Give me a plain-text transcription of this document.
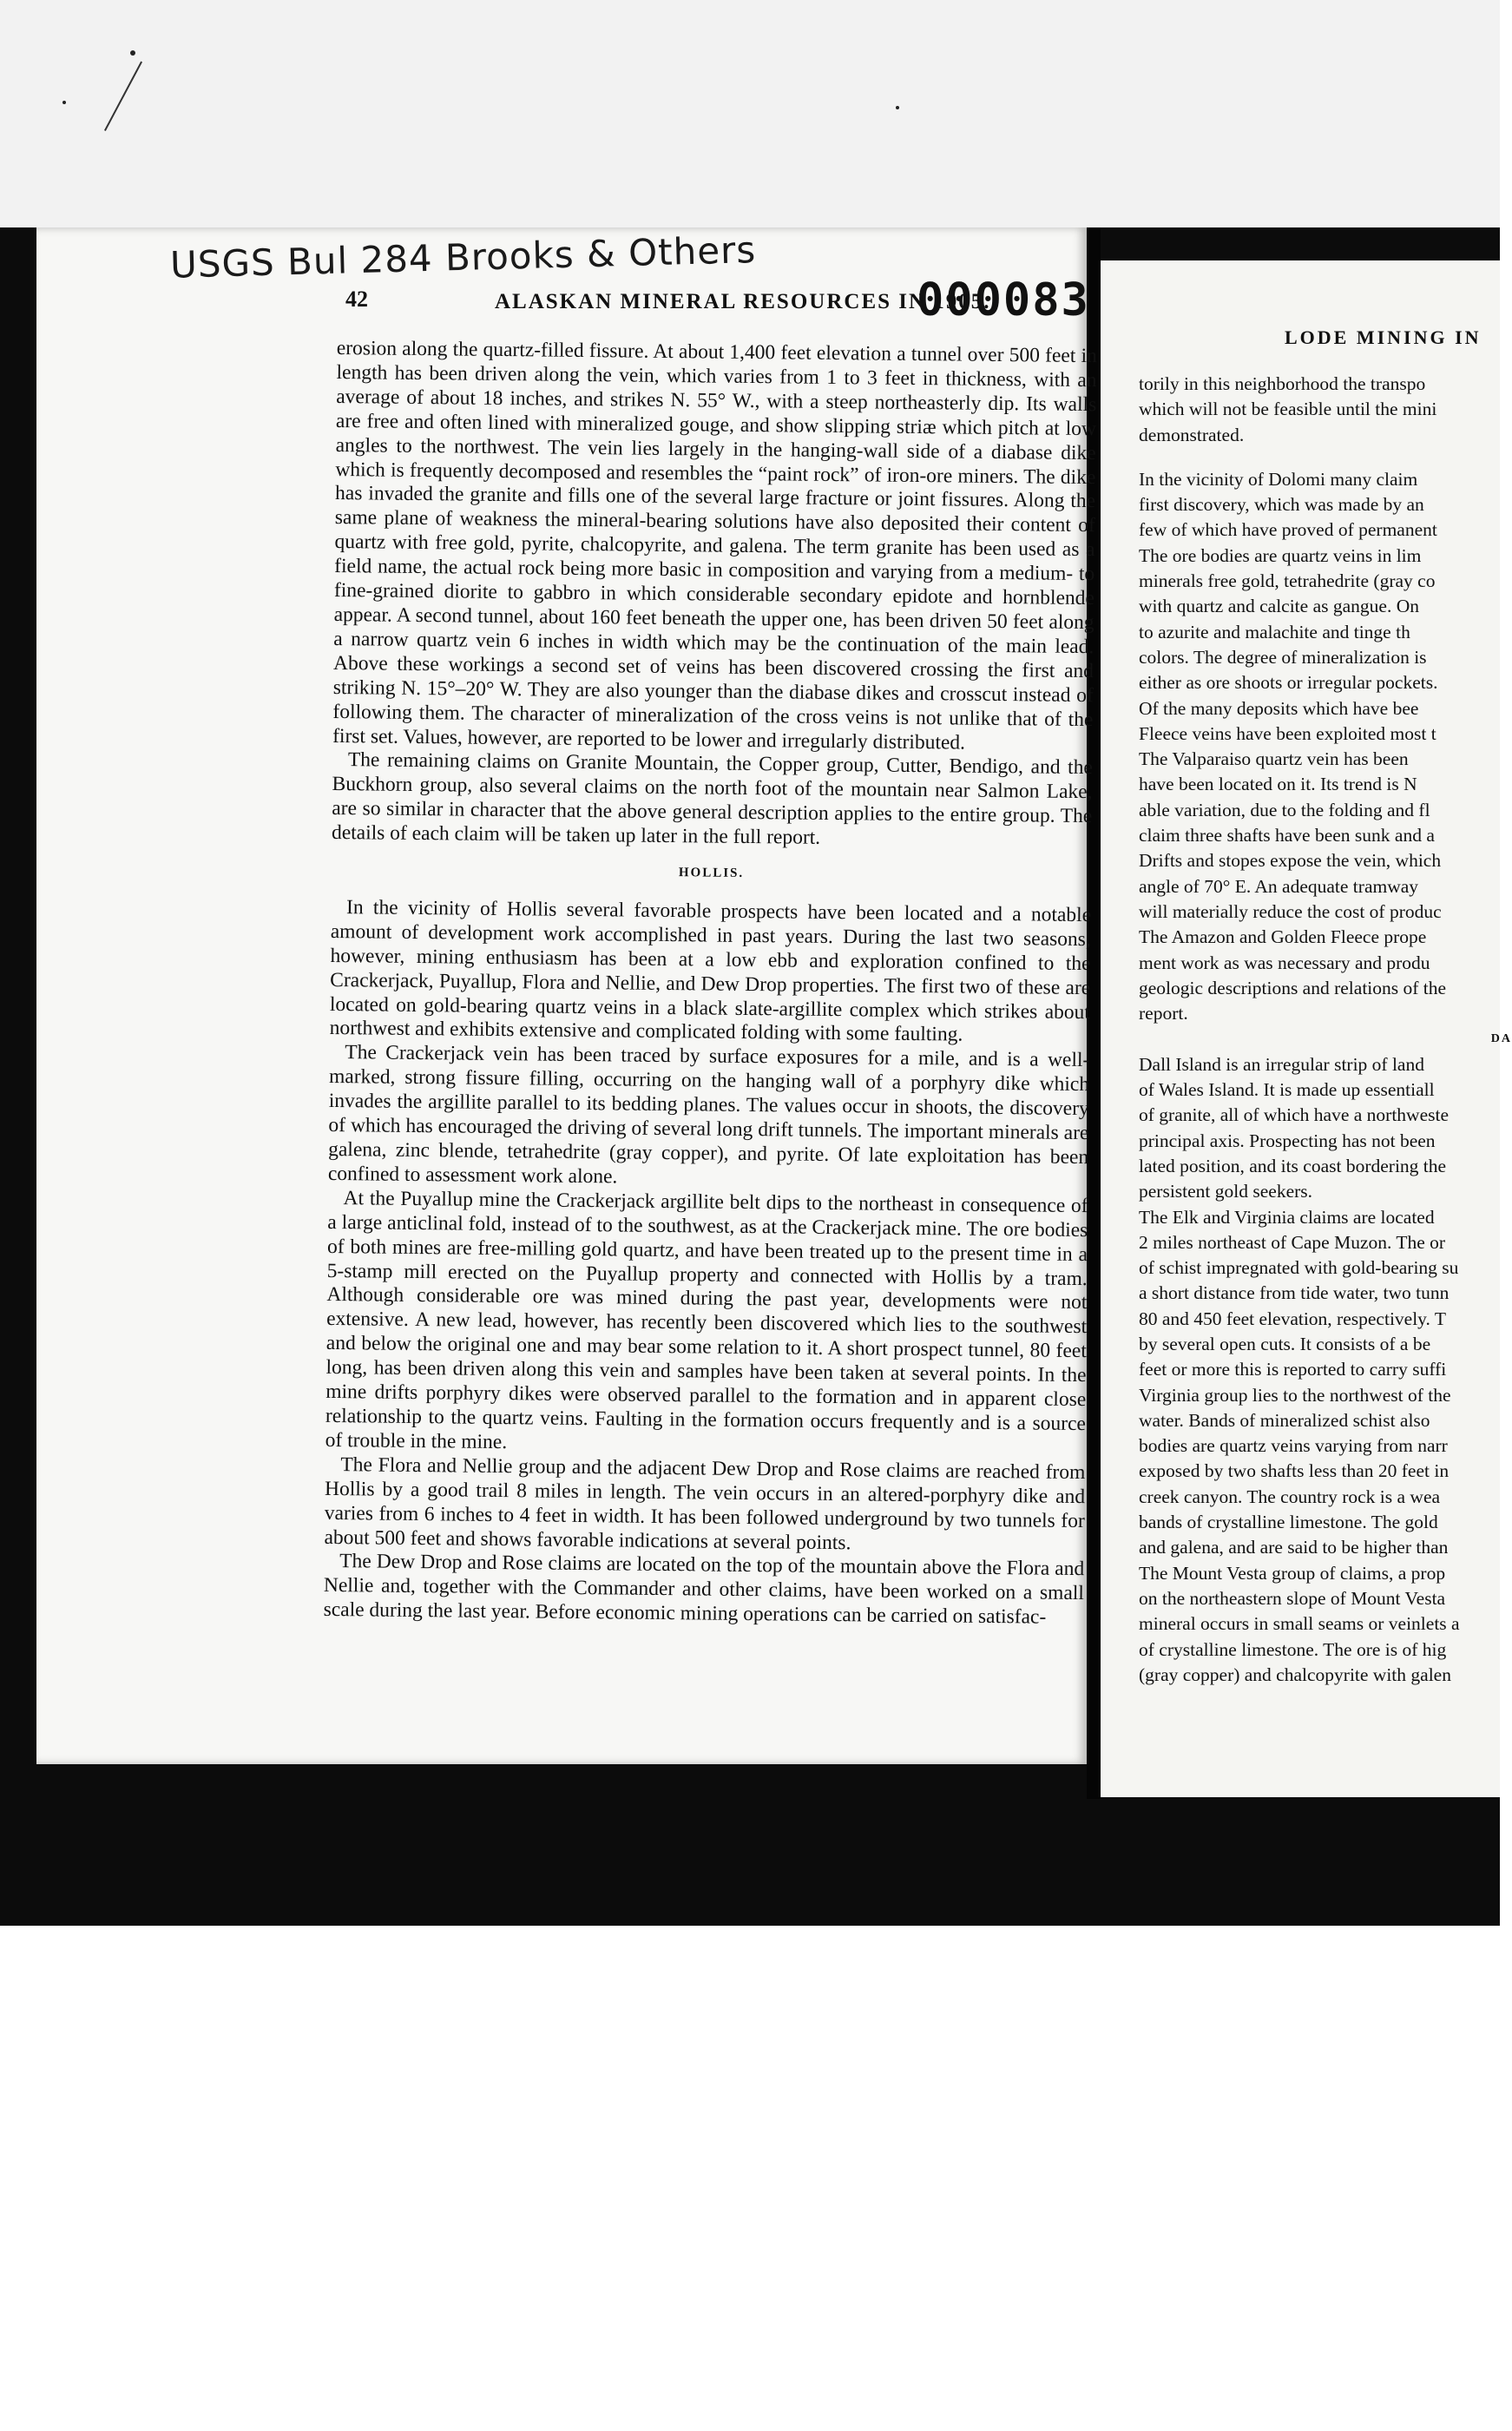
USGS Bul 284 Brooks & Others
000083
42	ALASKAN MINERAL RESOURCES IN 1905.

erosion along the quartz-filled fissure. At about 1,400 feet elevation a tunnel over 500 feet in length has been driven along the vein, which varies from 1 to 3 feet in thickness, with an average of about 18 inches, and strikes N. 55° W., with a steep northeasterly dip. Its walls are free and often lined with mineralized gouge, and show slipping striæ which pitch at low angles to the northwest. The vein lies largely in the hanging-wall side of a diabase dike which is frequently decomposed and resembles the “paint rock” of iron-ore miners. The dike has invaded the granite and fills one of the several large fracture or joint fissures. Along the same plane of weakness the mineral-bearing solutions have also deposited their content of quartz with free gold, pyrite, chalcopyrite, and galena. The term granite has been used as a field name, the actual rock being more basic in composition and varying from a medium- to fine-grained diorite to gabbro in which considerable secondary epidote and hornblende appear. A second tunnel, about 160 feet beneath the upper one, has been driven 50 feet along a narrow quartz vein 6 inches in width which may be the continuation of the main lead. Above these workings a second set of veins has been discovered crossing the first and striking N. 15°–20° W. They are also younger than the diabase dikes and crosscut instead of following them. The character of mineralization of the cross veins is not unlike that of the first set. Values, however, are reported to be lower and irregularly distributed.

The remaining claims on Granite Mountain, the Copper group, Cutter, Bendigo, and the Buckhorn group, also several claims on the north foot of the mountain near Salmon Lake, are so similar in character that the above general description applies to the entire group. The details of each claim will be taken up later in the full report.

HOLLIS.

In the vicinity of Hollis several favorable prospects have been located and a notable amount of development work accomplished in past years. During the last two seasons, however, mining enthusiasm has been at a low ebb and exploration confined to the Crackerjack, Puyallup, Flora and Nellie, and Dew Drop properties. The first two of these are located on gold-bearing quartz veins in a black slate-argillite complex which strikes about northwest and exhibits extensive and complicated folding with some faulting.

The Crackerjack vein has been traced by surface exposures for a mile, and is a well-marked, strong fissure filling, occurring on the hanging wall of a porphyry dike which invades the argillite parallel to its bedding planes. The values occur in shoots, the discovery of which has encouraged the driving of several long drift tunnels. The important minerals are galena, zinc blende, tetrahedrite (gray copper), and pyrite. Of late exploitation has been confined to assessment work alone.

At the Puyallup mine the Crackerjack argillite belt dips to the northeast in consequence of a large anticlinal fold, instead of to the southwest, as at the Crackerjack mine. The ore bodies of both mines are free-milling gold quartz, and have been treated up to the present time in a 5-stamp mill erected on the Puyallup property and connected with Hollis by a tram. Although considerable ore was mined during the past year, developments were not extensive. A new lead, however, has recently been discovered which lies to the southwest and below the original one and may bear some relation to it. A short prospect tunnel, 80 feet long, has been driven along this vein and samples have been taken at several points. In the mine drifts porphyry dikes were observed parallel to the formation and in apparent close relationship to the quartz veins. Faulting in the formation occurs frequently and is a source of trouble in the mine.

The Flora and Nellie group and the adjacent Dew Drop and Rose claims are reached from Hollis by a good trail 8 miles in length. The vein occurs in an altered-porphyry dike and varies from 6 inches to 4 feet in width. It has been followed underground by two tunnels for about 500 feet and shows favorable indications at several points.

The Dew Drop and Rose claims are located on the top of the mountain above the Flora and Nellie and, together with the Commander and other claims, have been worked on a small scale during the last year. Before economic mining operations can be carried on satisfac-

LODE MINING IN
torily in this neighborhood the transpo
which will not be feasible until the mini
demonstrated.
In the vicinity of Dolomi many claim
first discovery, which was made by an
few of which have proved of permanent
The ore bodies are quartz veins in lim
minerals free gold, tetrahedrite (gray co
with quartz and calcite as gangue. On
to azurite and malachite and tinge th
colors. The degree of mineralization is
either as ore shoots or irregular pockets.
Of the many deposits which have bee
Fleece veins have been exploited most t
The Valparaiso quartz vein has been
have been located on it. Its trend is N
able variation, due to the folding and fl
claim three shafts have been sunk and a
Drifts and stopes expose the vein, which
angle of 70° E. An adequate tramway
will materially reduce the cost of produc
The Amazon and Golden Fleece prope
ment work as was necessary and produ
geologic descriptions and relations of the
report.
DA
Dall Island is an irregular strip of land
of Wales Island. It is made up essentiall
of granite, all of which have a northweste
principal axis. Prospecting has not been
lated position, and its coast bordering the
persistent gold seekers.
The Elk and Virginia claims are located
2 miles northeast of Cape Muzon. The or
of schist impregnated with gold-bearing su
a short distance from tide water, two tunn
80 and 450 feet elevation, respectively. T
by several open cuts. It consists of a be
feet or more this is reported to carry suffi
Virginia group lies to the northwest of the
water. Bands of mineralized schist also
bodies are quartz veins varying from narr
exposed by two shafts less than 20 feet in
creek canyon. The country rock is a wea
bands of crystalline limestone. The gold
and galena, and are said to be higher than
The Mount Vesta group of claims, a prop
on the northeastern slope of Mount Vesta
mineral occurs in small seams or veinlets a
of crystalline limestone. The ore is of hig
(gray copper) and chalcopyrite with galen
